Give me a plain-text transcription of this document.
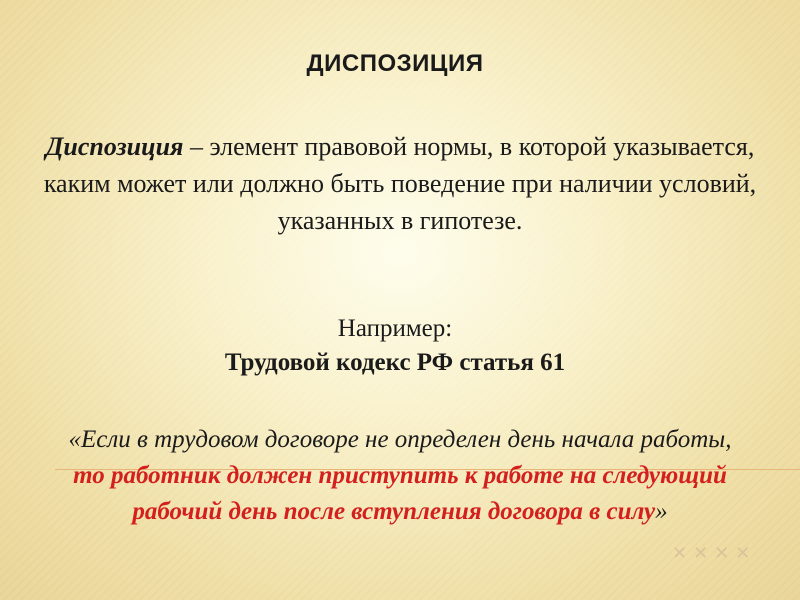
ДИСПОЗИЦИЯ
Диспозиция – элемент правовой нормы, в которой указывается, каким может или должно быть поведение при наличии условий, указанных в гипотезе.
Например:
Трудовой кодекс РФ статья 61
«Если в трудовом договоре не определен день начала работы, то работник должен приступить к работе на следующий рабочий день после вступления договора в силу»
✕✕✕✕
